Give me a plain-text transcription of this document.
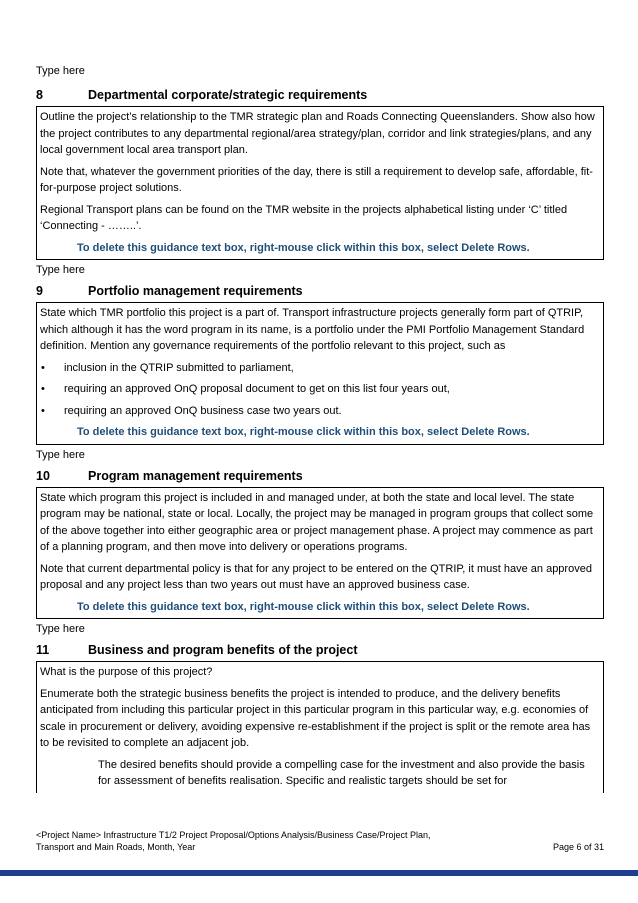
Type here

8	Departmental corporate/strategic requirements

Outline the project’s relationship to the TMR strategic plan and Roads Connecting Queenslanders. Show also how the project contributes to any departmental regional/area strategy/plan, corridor and link strategies/plans, and any local government local area transport plan.

Note that, whatever the government priorities of the day, there is still a requirement to develop safe, affordable, fit-for-purpose project solutions.

Regional Transport plans can be found on the TMR website in the projects alphabetical listing under ‘C’ titled ‘Connecting - ……..’.

To delete this guidance text box, right-mouse click within this box, select Delete Rows.

Type here

9	Portfolio management requirements

State which TMR portfolio this project is a part of. Transport infrastructure projects generally form part of QTRIP, which although it has the word program in its name, is a portfolio under the PMI Portfolio Management Standard definition. Mention any governance requirements of the portfolio relevant to this project, such as

•	inclusion in the QTRIP submitted to parliament,
•	requiring an approved OnQ proposal document to get on this list four years out,
•	requiring an approved OnQ business case two years out.

To delete this guidance text box, right-mouse click within this box, select Delete Rows.

Type here

10	Program management requirements

State which program this project is included in and managed under, at both the state and local level. The state program may be national, state or local. Locally, the project may be managed in program groups that collect some of the above together into either geographic area or project management phase. A project may commence as part of a planning program, and then move into delivery or operations programs.

Note that current departmental policy is that for any project to be entered on the QTRIP, it must have an approved proposal and any project less than two years out must have an approved business case.

To delete this guidance text box, right-mouse click within this box, select Delete Rows.

Type here

11	Business and program benefits of the project

What is the purpose of this project?

Enumerate both the strategic business benefits the project is intended to produce, and the delivery benefits anticipated from including this particular project in this particular program in this particular way, e.g. economies of scale in procurement or delivery, avoiding expensive re-establishment if the project is split or the remote area has to be revisited to complete an adjacent job.

The desired benefits should provide a compelling case for the investment and also provide the basis for assessment of benefits realisation. Specific and realistic targets should be set for

<Project Name> Infrastructure T1/2 Project Proposal/Options Analysis/Business Case/Project Plan,
Transport and Main Roads, Month, Year	Page 6 of 31
